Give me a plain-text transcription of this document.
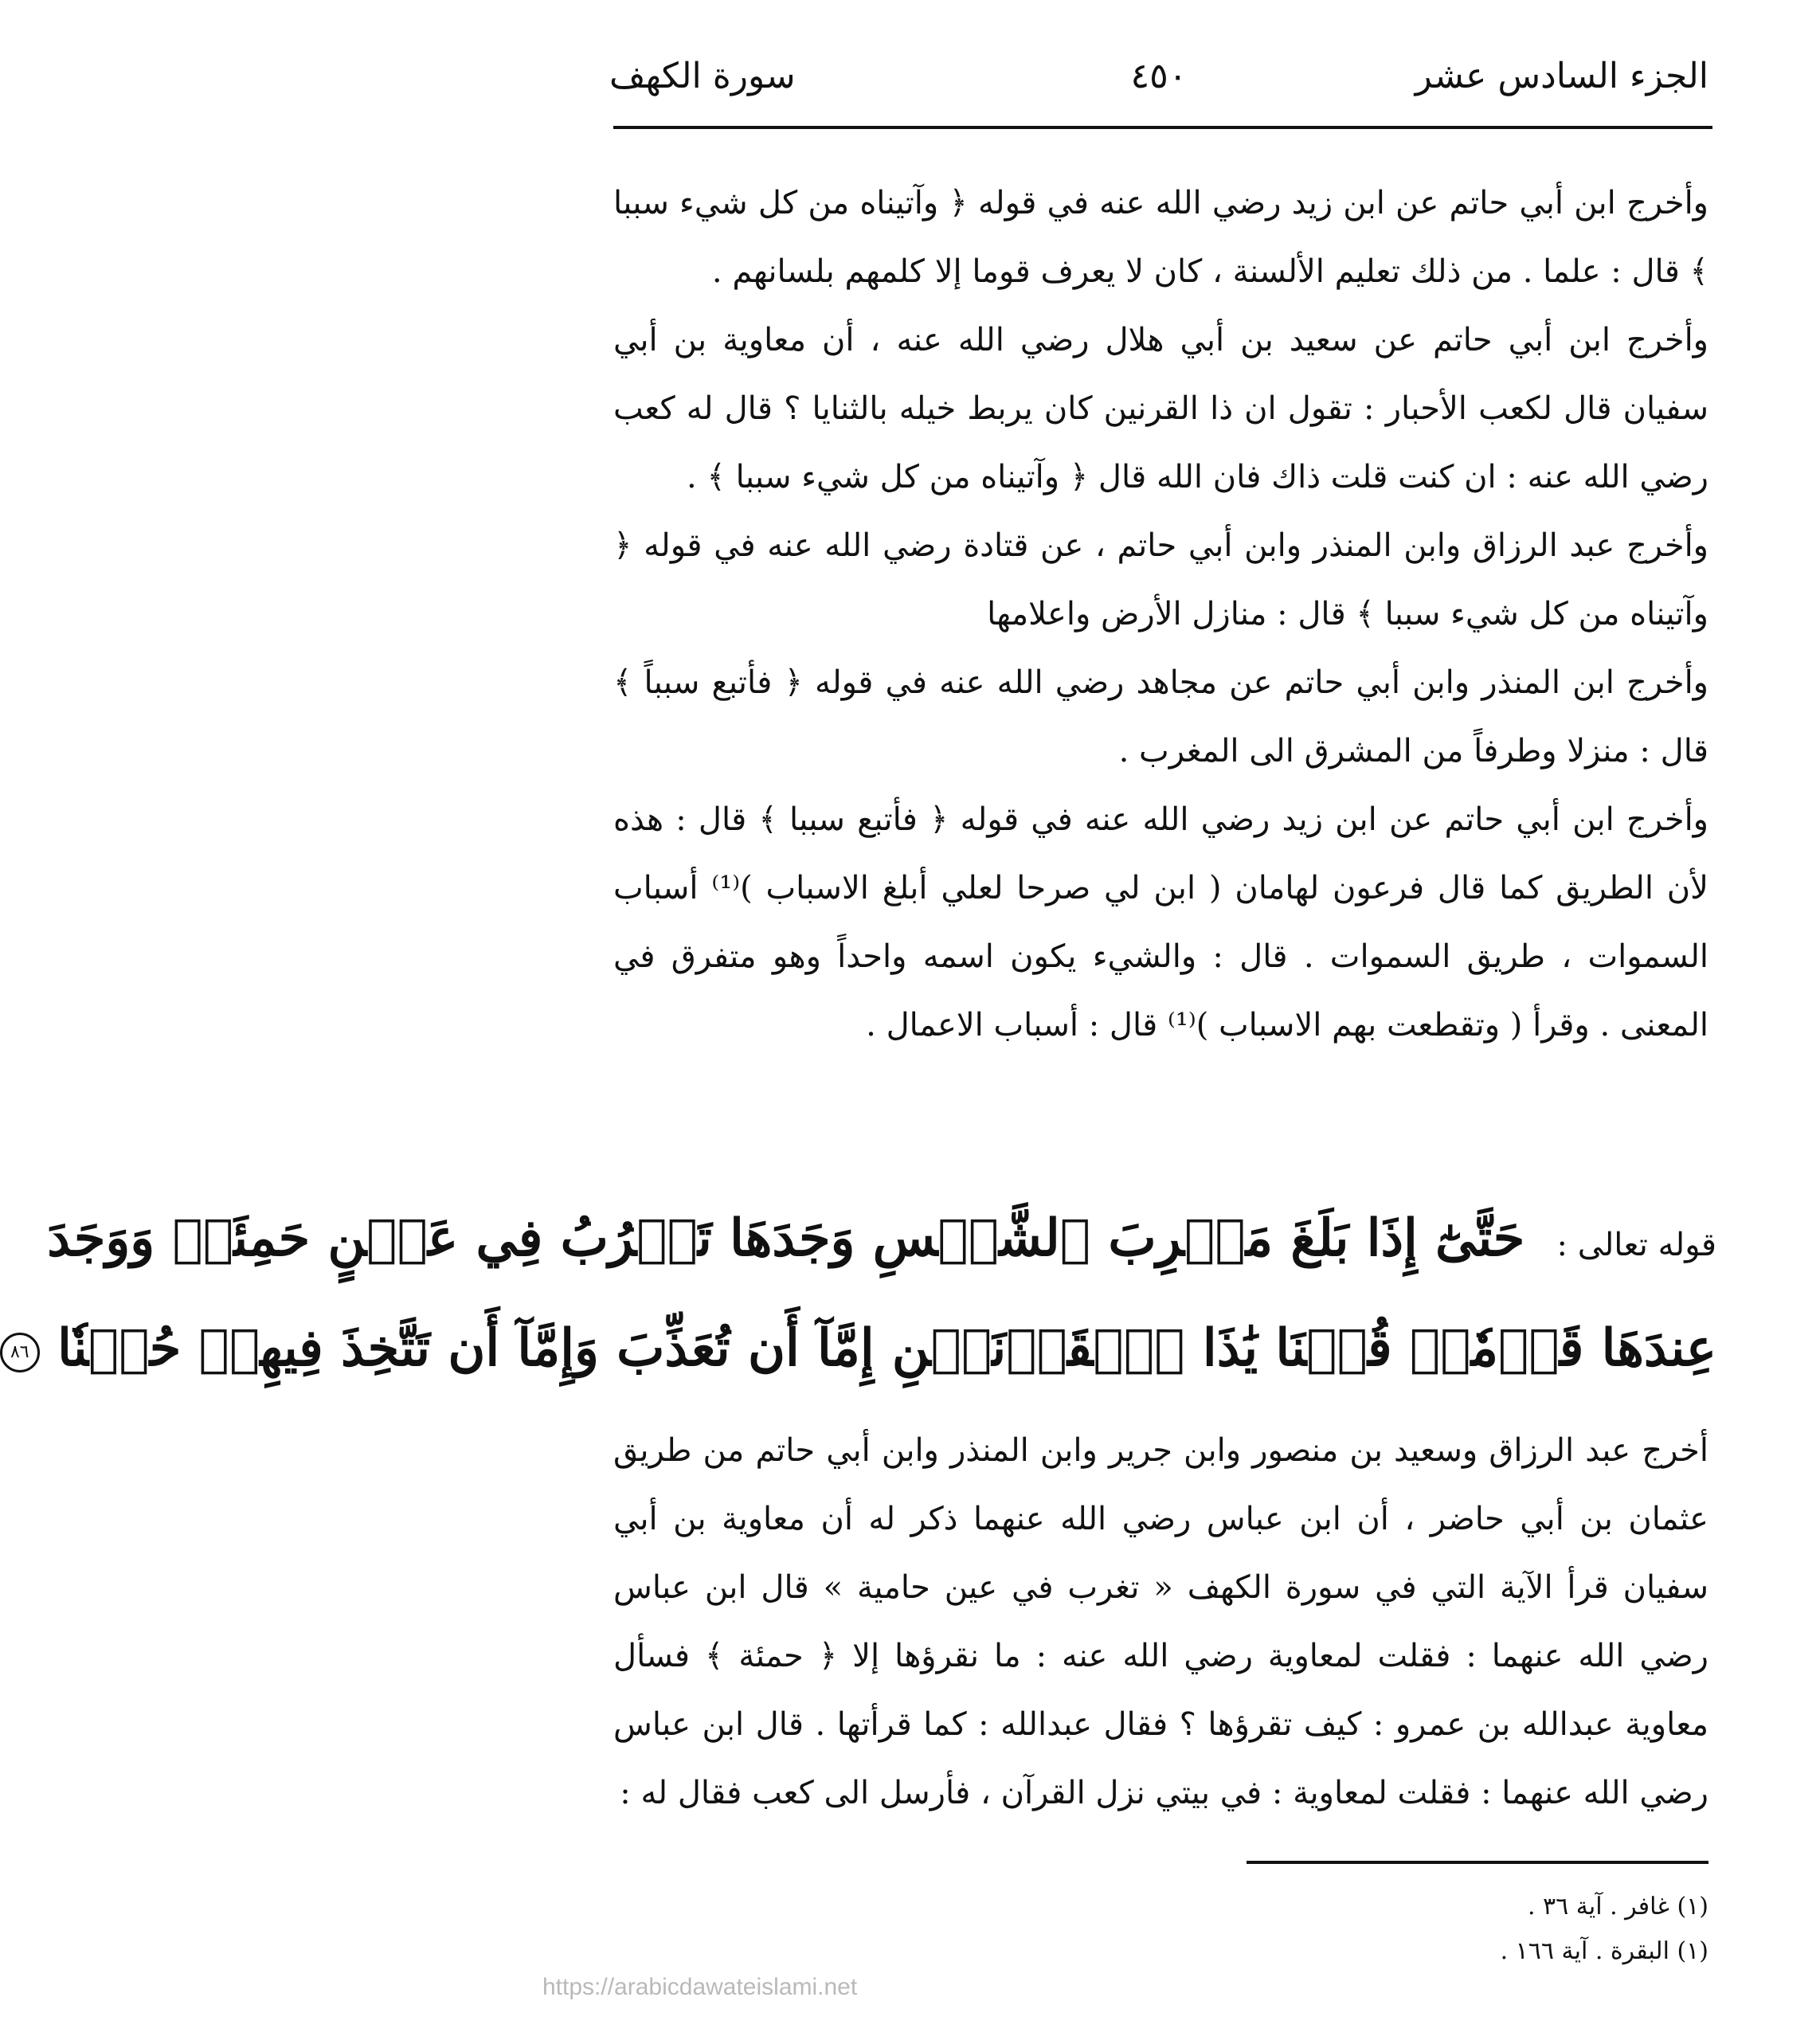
الجزء السادس عشر
٤٥٠
سورة الكهف

وأخرج ابن أبي حاتم عن ابن زيد رضي الله عنه في قوله ﴿ وآتيناه من كل شيء سببا ﴾ قال : علما . من ذلك تعليم الألسنة ، كان لا يعرف قوما إلا كلمهم بلسانهم .

وأخرج ابن أبي حاتم عن سعيد بن أبي هلال رضي الله عنه ، أن معاوية بن أبي سفيان قال لكعب الأحبار : تقول ان ذا القرنين كان يربط خيله بالثنايا ؟ قال له كعب رضي الله عنه : ان كنت قلت ذاك فان الله قال ﴿ وآتيناه من كل شيء سببا ﴾ .

وأخرج عبد الرزاق وابن المنذر وابن أبي حاتم ، عن قتادة رضي الله عنه في قوله ﴿ وآتيناه من كل شيء سببا ﴾ قال : منازل الأرض واعلامها

وأخرج ابن المنذر وابن أبي حاتم عن مجاهد رضي الله عنه في قوله ﴿ فأتبع سبباً ﴾ قال : منزلا وطرفاً من المشرق الى المغرب .

وأخرج ابن أبي حاتم عن ابن زيد رضي الله عنه في قوله ﴿ فأتبع سببا ﴾ قال : هذه لأن الطريق كما قال فرعون لهامان ( ابن لي صرحا لعلي أبلغ الاسباب )⁽¹⁾ أسباب السموات ، طريق السموات . قال : والشيء يكون اسمه واحداً وهو متفرق في المعنى . وقرأ ( وتقطعت بهم الاسباب )⁽¹⁾ قال : أسباب الاعمال .

قوله تعالى : حَتَّىٰٓ إِذَا بَلَغَ مَغۡرِبَ ٱلشَّمۡسِ وَجَدَهَا تَغۡرُبُ فِي عَيۡنٍ حَمِئَةٖ وَوَجَدَ
عِندَهَا قَوۡمٗاۗ قُلۡنَا يَٰذَا ٱلۡقَرۡنَيۡنِ إِمَّآ أَن تُعَذِّبَ وَإِمَّآ أَن تَتَّخِذَ فِيهِمۡ حُسۡنٗا ٨٦

أخرج عبد الرزاق وسعيد بن منصور وابن جرير وابن المنذر وابن أبي حاتم من طريق عثمان بن أبي حاضر ، أن ابن عباس رضي الله عنهما ذكر له أن معاوية بن أبي سفيان قرأ الآية التي في سورة الكهف « تغرب في عين حامية » قال ابن عباس رضي الله عنهما : فقلت لمعاوية رضي الله عنه : ما نقرؤها إلا ﴿ حمئة ﴾ فسأل معاوية عبدالله بن عمرو : كيف تقرؤها ؟ فقال عبدالله : كما قرأتها . قال ابن عباس رضي الله عنهما : فقلت لمعاوية : في بيتي نزل القرآن ، فأرسل الى كعب فقال له :

(١) غافر . آية ٣٦ .
(١) البقرة . آية ١٦٦ .
https://arabicdawateislami.net
